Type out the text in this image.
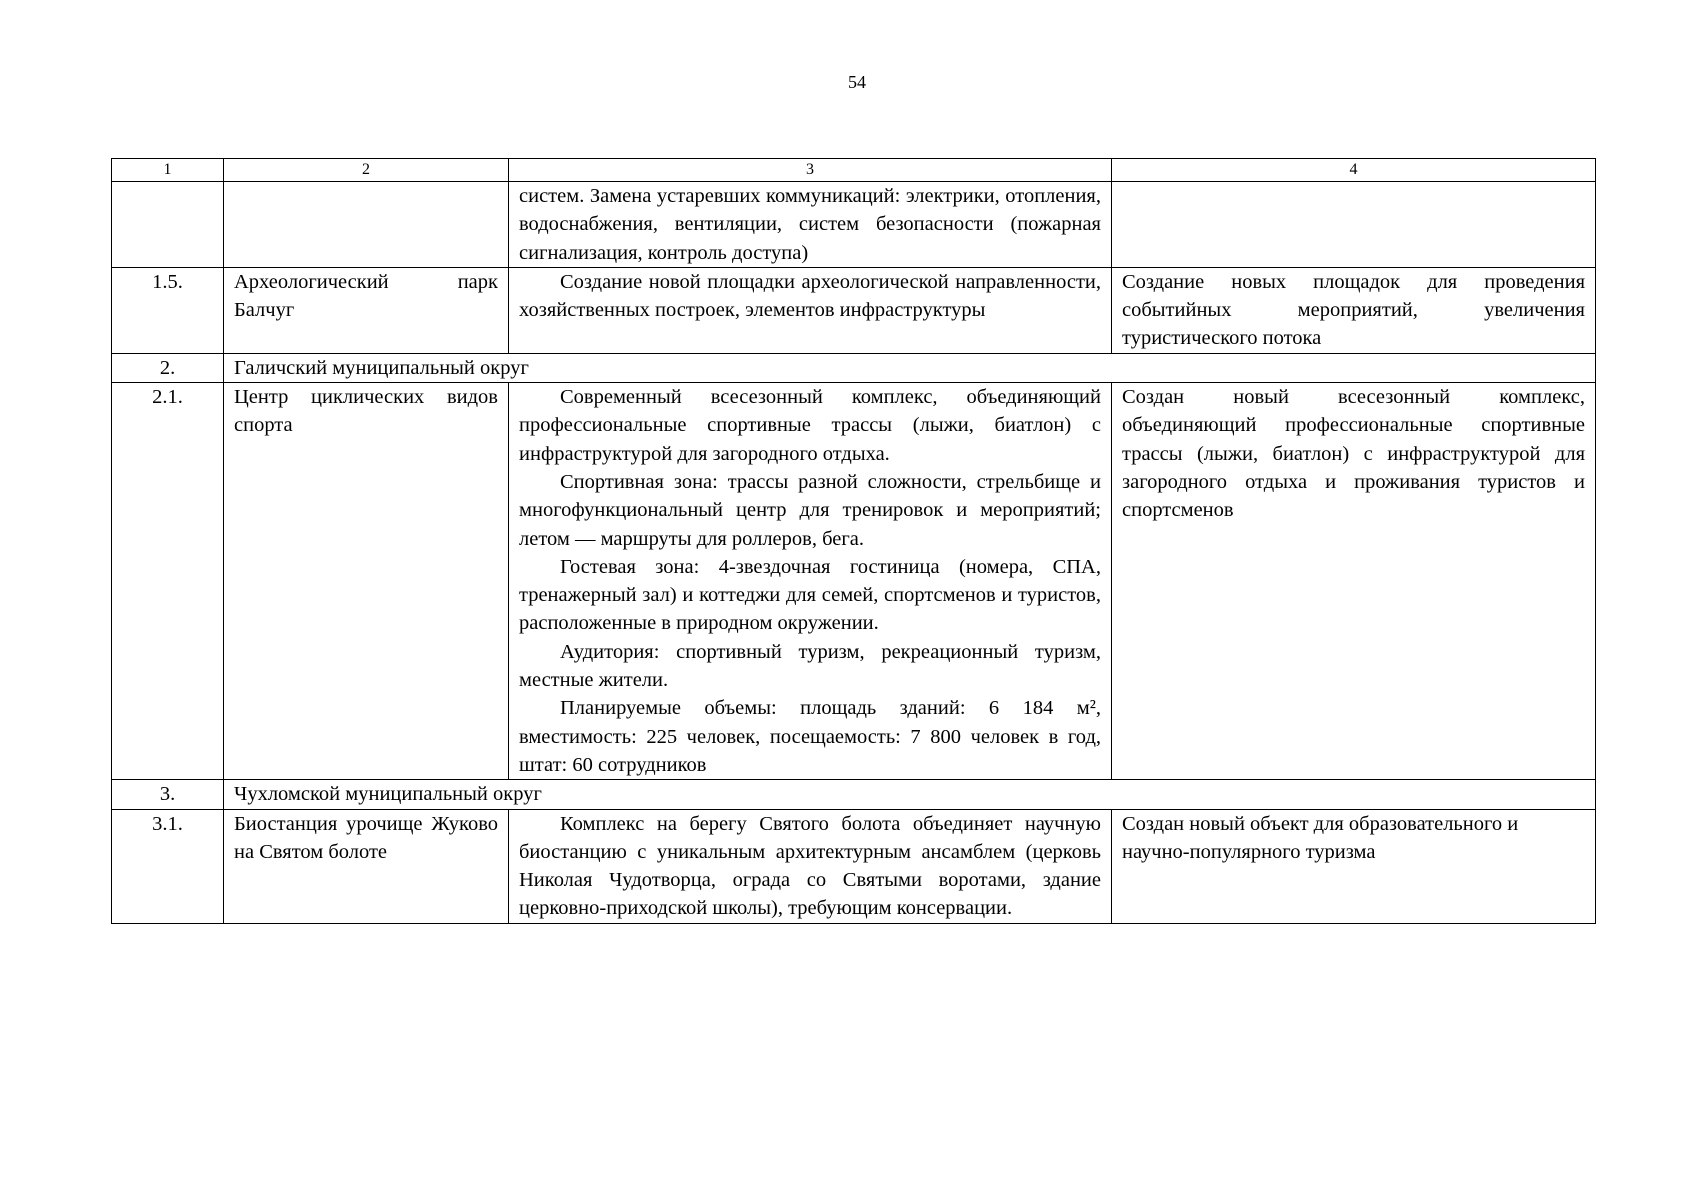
54
1	2	3	4

		систем. Замена устаревших коммуникаций: электрики, отопления, водоснабжения, вентиляции, систем безопасности (пожарная сигнализация, контроль доступа)	

1.5.	Археологический парк Балчуг	Создание новой площадки археологической направленности, хозяйственных построек, элементов инфраструктуры	Создание новых площадок для проведения событийных мероприятий, увеличения туристического потока
2.	Галичский муниципальный округ		
2.1.	Центр циклических видов спорта	Современный всесезонный комплекс, объединяющий профессиональные спортивные трассы (лыжи, биатлон) с инфраструктурой для загородного отдыха.

Спортивная зона: трассы разной сложности, стрельбище и многофункциональный центр для тренировок и мероприятий; летом — маршруты для роллеров, бега.

Гостевая зона: 4-звездочная гостиница (номера, СПА, тренажерный зал) и коттеджи для семей, спортсменов и туристов, расположенные в природном окружении.

Аудитория: спортивный туризм, рекреационный туризм, местные жители.

Планируемые объемы: площадь зданий: 6 184 м², вместимость: 225 человек, посещаемость: 7 800 человек в год, штат: 60 сотрудников	Создан новый всесезонный комплекс, объединяющий профессиональные спортивные трассы (лыжи, биатлон) с инфраструктурой для загородного отдыха и проживания туристов и спортсменов
3.	Чухломской муниципальный округ		
3.1.	Биостанция урочище Жуково на Святом болоте	Комплекс на берегу Святого болота объединяет научную биостанцию с уникальным архитектурным ансамблем (церковь Николая Чудотворца, ограда со Святыми воротами, здание церковно-приходской школы), требующим консервации.	Создан новый объект для образовательного и научно-популярного туризма
